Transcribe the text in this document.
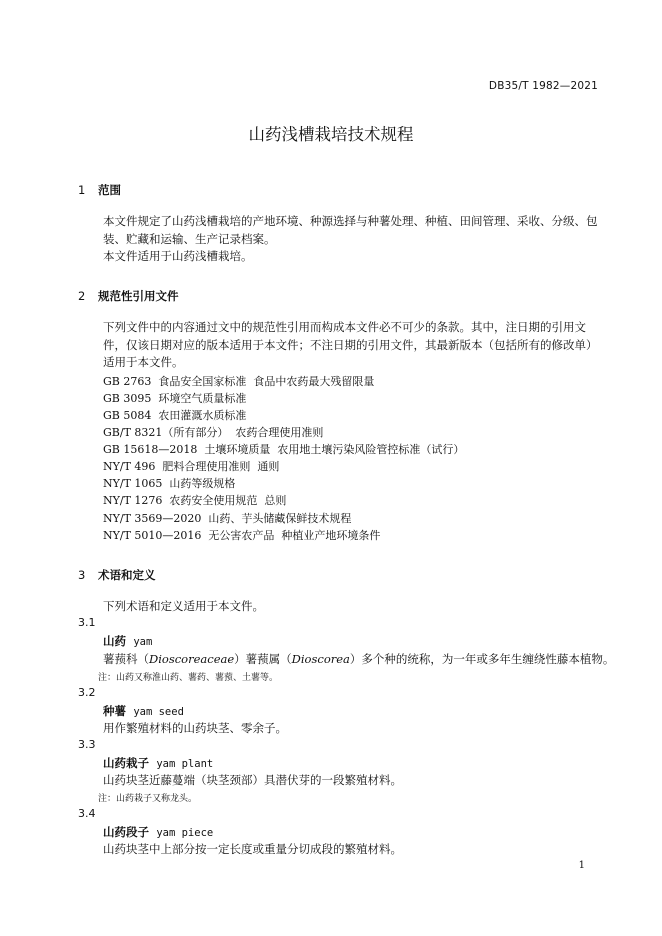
DB35/T 1982—2021
山药浅槽栽培技术规程
1 范围
本文件规定了山药浅槽栽培的产地环境、种源选择与种薯处理、种植、田间管理、采收、分级、包装、贮藏和运输、生产记录档案。
本文件适用于山药浅槽栽培。
2 规范性引用文件
下列文件中的内容通过文中的规范性引用而构成本文件必不可少的条款。其中，注日期的引用文件，仅该日期对应的版本适用于本文件；不注日期的引用文件，其最新版本（包括所有的修改单）适用于本文件。
GB 2763  食品安全国家标准  食品中农药最大残留限量
GB 3095  环境空气质量标准
GB 5084  农田灌溉水质标准
GB/T 8321（所有部分）  农药合理使用准则
GB 15618—2018  土壤环境质量  农用地土壤污染风险管控标准（试行）
NY/T 496  肥料合理使用准则  通则
NY/T 1065  山药等级规格
NY/T 1276  农药安全使用规范  总则
NY/T 3569—2020  山药、芋头储藏保鲜技术规程
NY/T 5010—2016  无公害农产品  种植业产地环境条件
3 术语和定义
下列术语和定义适用于本文件。
3.1
山药 yam
薯蓣科（Dioscoreaceae）薯蓣属（Dioscorea）多个种的统称，为一年或多年生缠绕性藤本植物。
注：山药又称淮山药、薯药、薯蓣、土薯等。
3.2
种薯 yam seed
用作繁殖材料的山药块茎、零余子。
3.3
山药栽子 yam plant
山药块茎近藤蔓端（块茎颈部）具潜伏芽的一段繁殖材料。
注：山药栽子又称龙头。
3.4
山药段子 yam piece
山药块茎中上部分按一定长度或重量分切成段的繁殖材料。
1
